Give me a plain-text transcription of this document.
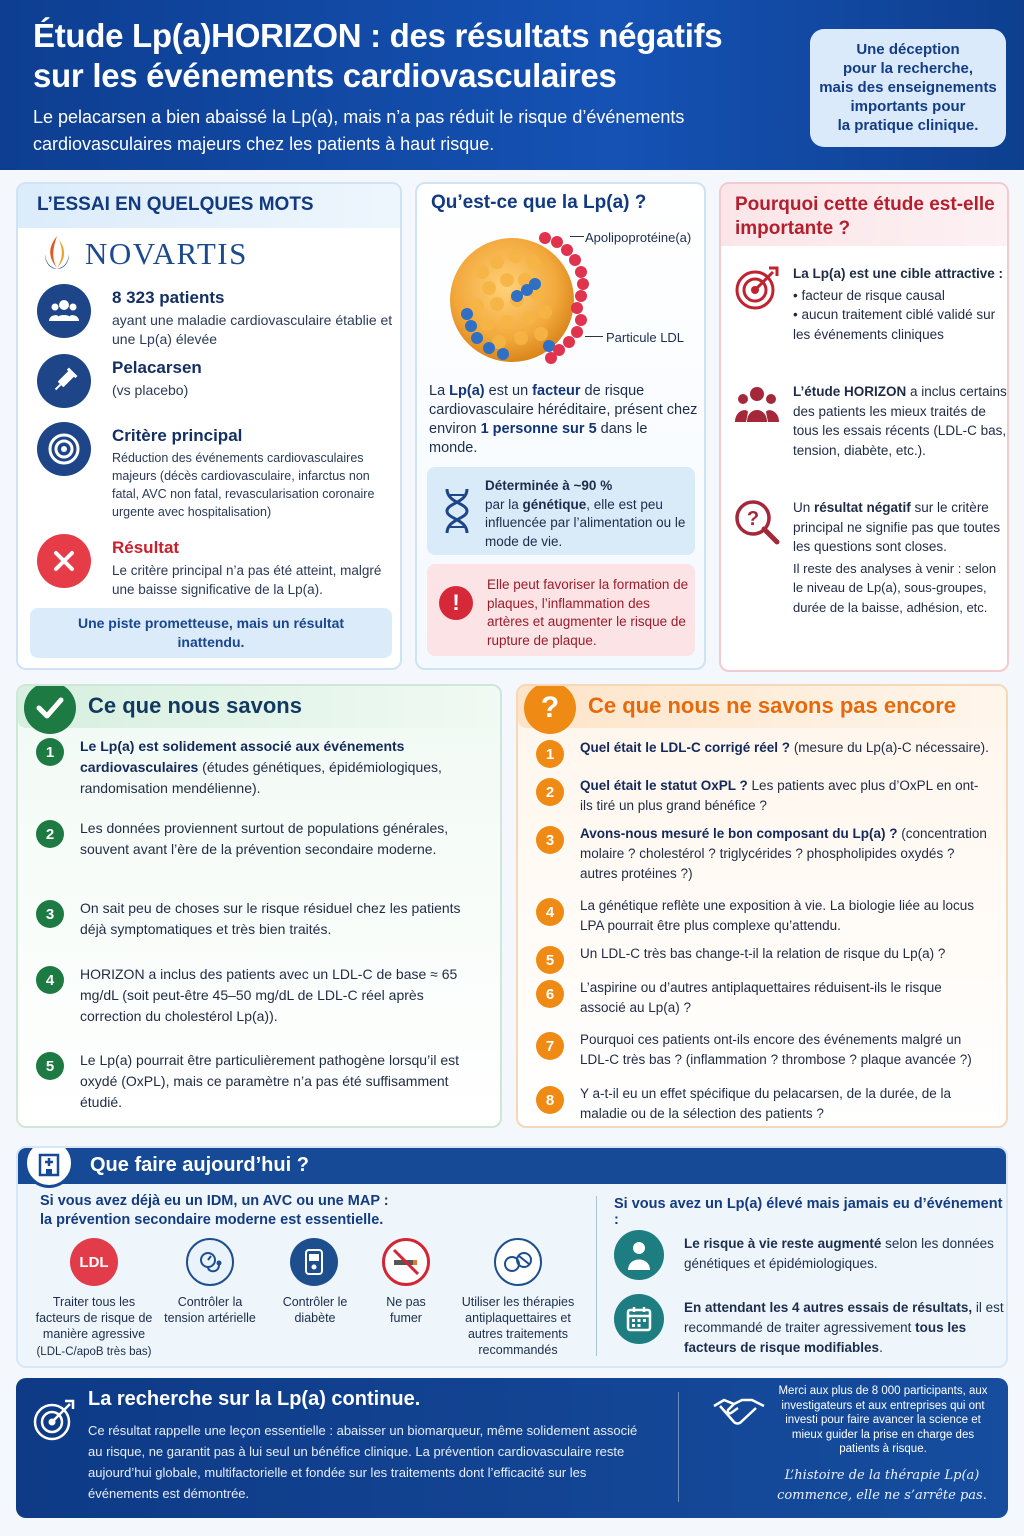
Étude Lp(a)HORIZON : des résultats négatifs
sur les événements cardiovasculaires
Le pelacarsen a bien abaissé la Lp(a), mais n’a pas réduit le risque d’événements cardiovasculaires majeurs chez les patients à haut risque.
Une déception
pour la recherche,
mais des enseignements
importants pour
la pratique clinique.
L’ESSAI EN QUELQUES MOTS
NOVARTIS
8 323 patients
ayant une maladie cardiovasculaire établie et une Lp(a) élevée
Pelacarsen
(vs placebo)
Critère principal
Réduction des événements cardiovasculaires majeurs (décès cardiovasculaire, infarctus non fatal, AVC non fatal, revascularisation coronaire urgente avec hospitalisation)
Résultat
Le critère principal n’a pas été atteint, malgré une baisse significative de la Lp(a).
Une piste prometteuse, mais un résultat
inattendu.
Qu’est-ce que la Lp(a) ?
Apolipoprotéine(a)
Particule LDL
La Lp(a) est un facteur de risque cardiovasculaire héréditaire, présent chez environ 1 personne sur 5 dans le monde.
Déterminée à ~90 %
par la génétique, elle est peu influencée par l’alimentation ou le mode de vie.
!
Elle peut favoriser la formation de plaques, l’inflammation des artères et augmenter le risque de rupture de plaque.
Pourquoi cette étude est-elle importante ?
La Lp(a) est une cible attractive :
• facteur de risque causal
• aucun traitement ciblé validé sur les événements cliniques
L’étude HORIZON a inclus certains des patients les mieux traités de tous les essais récents (LDL-C bas, tension, diabète, etc.).
?
Un résultat négatif sur le critère principal ne signifie pas que toutes les questions sont closes.
Il reste des analyses à venir : selon le niveau de Lp(a), sous-groupes, durée de la baisse, adhésion, etc.
Ce que nous savons
1	Le Lp(a) est solidement associé aux événements cardiovasculaires (études génétiques, épidémiologiques, randomisation mendélienne).
2	Les données proviennent surtout de populations générales, souvent avant l’ère de la prévention secondaire moderne.
3	On sait peu de choses sur le risque résiduel chez les patients déjà symptomatiques et très bien traités.
4	HORIZON a inclus des patients avec un LDL-C de base ≈ 65 mg/dL (soit peut-être 45–50 mg/dL de LDL-C réel après correction du cholestérol Lp(a)).
5	Le Lp(a) pourrait être particulièrement pathogène lorsqu’il est oxydé (OxPL), mais ce paramètre n’a pas été suffisamment étudié.
?	Ce que nous ne savons pas encore
1	Quel était le LDL-C corrigé réel ? (mesure du Lp(a)-C nécessaire).
2	Quel était le statut OxPL ? Les patients avec plus d’OxPL en ont-ils tiré un plus grand bénéfice ?
3	Avons-nous mesuré le bon composant du Lp(a) ? (concentration molaire ? cholestérol ? triglycérides ? phospholipides oxydés ? autres protéines ?)
4	La génétique reflète une exposition à vie. La biologie liée au locus LPA pourrait être plus complexe qu’attendu.
5	Un LDL-C très bas change-t-il la relation de risque du Lp(a) ?
6	L’aspirine ou d’autres antiplaquettaires réduisent-ils le risque associé au Lp(a) ?
7	Pourquoi ces patients ont-ils encore des événements malgré un LDL-C très bas ? (inflammation ? thrombose ? plaque avancée ?)
8	Y a-t-il eu un effet spécifique du pelacarsen, de la durée, de la maladie ou de la sélection des patients ?
Que faire aujourd’hui ?
Si vous avez déjà eu un IDM, un AVC ou une MAP :
la prévention secondaire moderne est essentielle.
LDL
Traiter tous les facteurs de risque de manière agressive
(LDL-C/apoB très bas)
Contrôler la tension artérielle
Contrôler le diabète
Ne pas fumer
Utiliser les thérapies antiplaquettaires et autres traitements recommandés
Si vous avez un Lp(a) élevé mais jamais eu d’événement :
Le risque à vie reste augmenté selon les données génétiques et épidémiologiques.
En attendant les 4 autres essais de résultats, il est recommandé de traiter agressivement tous les facteurs de risque modifiables.
La recherche sur la Lp(a) continue.
Ce résultat rappelle une leçon essentielle : abaisser un biomarqueur, même solidement associé au risque, ne garantit pas à lui seul un bénéfice clinique. La prévention cardiovasculaire reste aujourd’hui globale, multifactorielle et fondée sur les traitements dont l’efficacité sur les événements est démontrée.
Merci aux plus de 8 000 participants, aux investigateurs et aux entreprises qui ont investi pour faire avancer la science et mieux guider la prise en charge des patients à risque.
L’histoire de la thérapie Lp(a)
commence, elle ne s’arrête pas.
